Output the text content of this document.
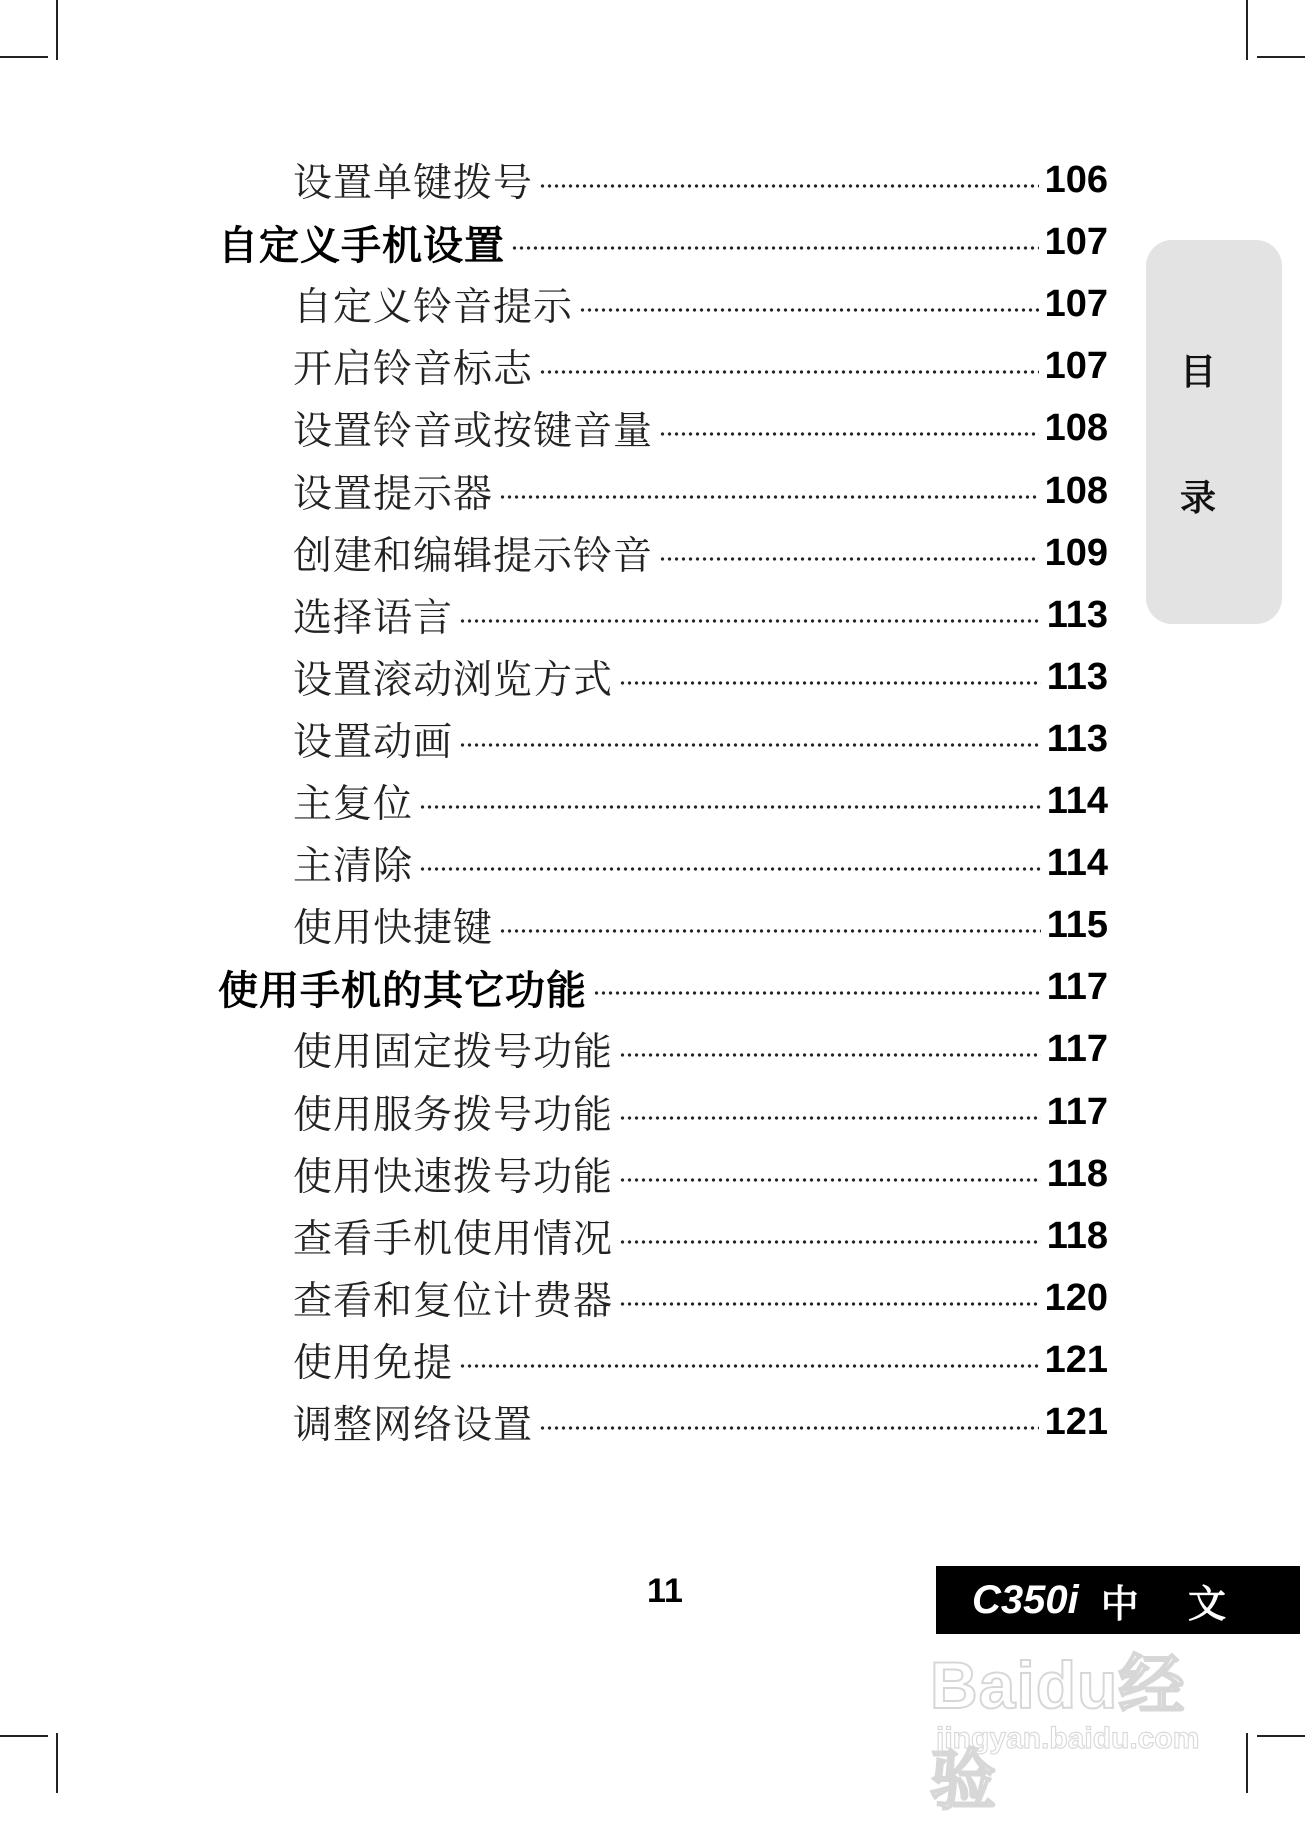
设置单键拨号	106
自定义手机设置	107
自定义铃音提示	107
开启铃音标志	107
设置铃音或按键音量	108
设置提示器	108
创建和编辑提示铃音	109
选择语言	113
设置滚动浏览方式	113
设置动画	113
主复位	114
主清除	114
使用快捷键	115
使用手机的其它功能	117
使用固定拨号功能	117
使用服务拨号功能	117
使用快速拨号功能	118
查看手机使用情况	118
查看和复位计费器	120
使用免提	121
调整网络设置	121
目
录
11	C350i 中 文
Baidu经验
jingyan.baidu.com
